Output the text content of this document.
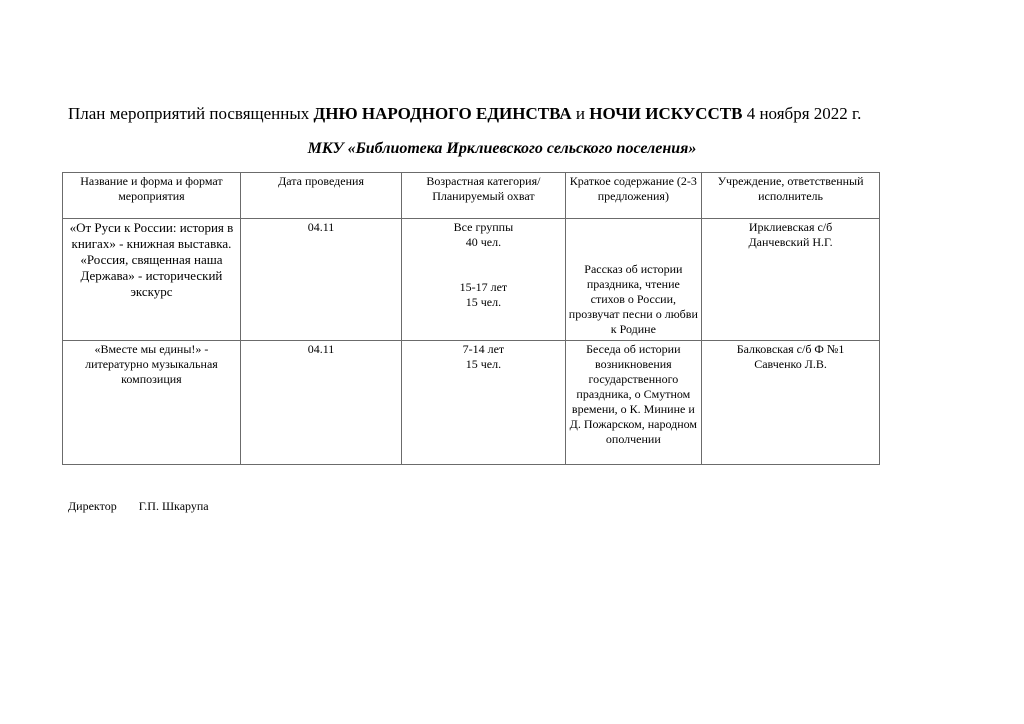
План мероприятий посвященных ДНЮ НАРОДНОГО ЕДИНСТВА и НОЧИ ИСКУССТВ 4 ноября 2022 г.
МКУ «Библиотека Ирклиевского сельского поселения»
Название и форма и формат мероприятия	Дата проведения	Возрастная категория/ Планируемый охват	Краткое содержание (2-3 предложения)	Учреждение, ответственный исполнитель
«От Руси к России: история в книгах» - книжная выставка. «Россия, священная наша Держава» - исторический экскурс	04.11	Все группы
40 чел.
15-17 лет
15 чел.	Рассказ об истории праздника, чтение стихов о России, прозвучат песни о любви к Родине	Ирклиевская с/б
Данчевский Н.Г.

«Вместе мы едины!» - литературно музыкальная композиция	04.11	7-14 лет
15 чел.	Беседа об истории возникновения государственного праздника, о Смутном времени, о К. Минине и Д. Пожарском, народном ополчении	Балковская с/б Ф №1
Савченко Л.В.
Директор Г.П. Шкарупа
